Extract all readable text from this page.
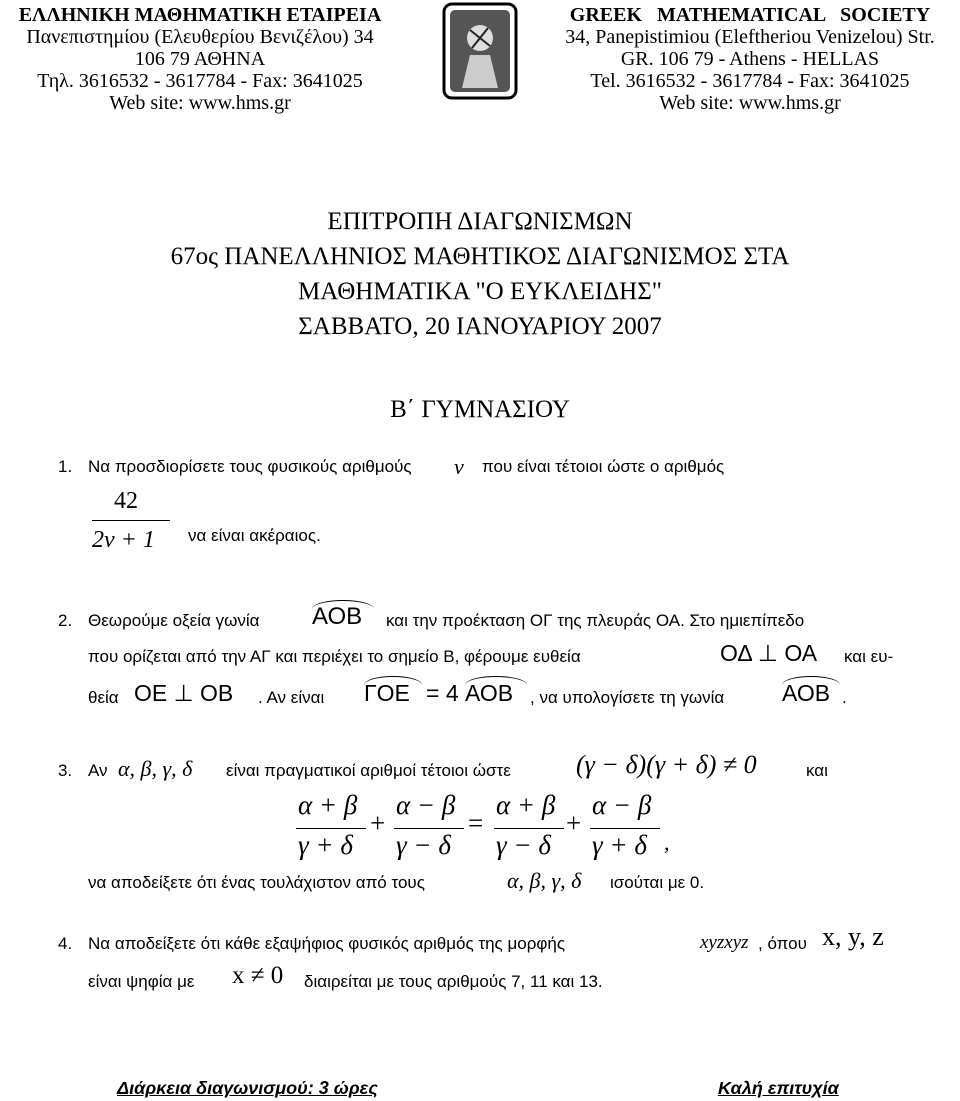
ΕΛΛΗΝΙΚΗ ΜΑΘΗΜΑΤΙΚΗ ΕΤΑΙΡΕΙΑ
Πανεπιστημίου (Ελευθερίου Βενιζέλου) 34
106 79 ΑΘΗΝΑ
Τηλ. 3616532 - 3617784 - Fax: 3641025
Web site: www.hms.gr
GREEK MATHEMATICAL SOCIETY
34, Panepistimiou (Eleftheriou Venizelou) Str.
GR. 106 79 - Athens - HELLAS
Tel. 3616532 - 3617784 - Fax: 3641025
Web site: www.hms.gr
ΕΠΙΤΡΟΠΗ ΔΙΑΓΩΝΙΣΜΩΝ
67ος ΠΑΝΕΛΛΗΝΙΟΣ ΜΑΘΗΤΙΚΟΣ ΔΙΑΓΩΝΙΣΜΟΣ ΣΤΑ
ΜΑΘΗΜΑΤΙΚΑ "Ο ΕΥΚΛΕΙΔΗΣ"
ΣΑΒΒΑΤΟ, 20 ΙΑΝΟΥΑΡΙΟΥ 2007
Β΄ ΓΥΜΝΑΣΙΟΥ
1. Να προσδιορίσετε τους φυσικούς αριθμούς ν που είναι τέτοιοι ώστε ο αριθμός
42
2ν + 1 να είναι ακέραιος.
2. Θεωρούμε οξεία γωνία ΑΟΒ και την προέκταση ΟΓ της πλευράς ΟΑ. Στο ημιεπίπεδο
που ορίζεται από την ΑΓ και περιέχει το σημείο Β, φέρουμε ευθεία	ΟΔ ⊥ ΟΑ και ευ-
θεία ΟΕ ⊥ ΟΒ . Αν είναι ΓΟΕ = 4 ΑΟΒ , να υπολογίσετε τη γωνία	ΑΟΒ .
3. Αν α, β, γ, δ είναι πραγματικοί αριθμοί τέτοιοι ώστε	(γ − δ)(γ + δ) ≠ 0	και
α + β
γ + δ
+
α − β
γ − δ
=
α + β
γ − δ
+
α − β
γ + δ ,
να αποδείξετε ότι ένας τουλάχιστον από τους	α, β, γ, δ ισούται με 0.
4. Να αποδείξετε ότι κάθε εξαψήφιος φυσικός αριθμός της μορφής	xyzxyz , όπου x, y, z
είναι ψηφία με x ≠ 0 διαιρείται με τους αριθμούς 7, 11 και 13.
Διάρκεια διαγωνισμού: 3 ώρες	Καλή επιτυχία
